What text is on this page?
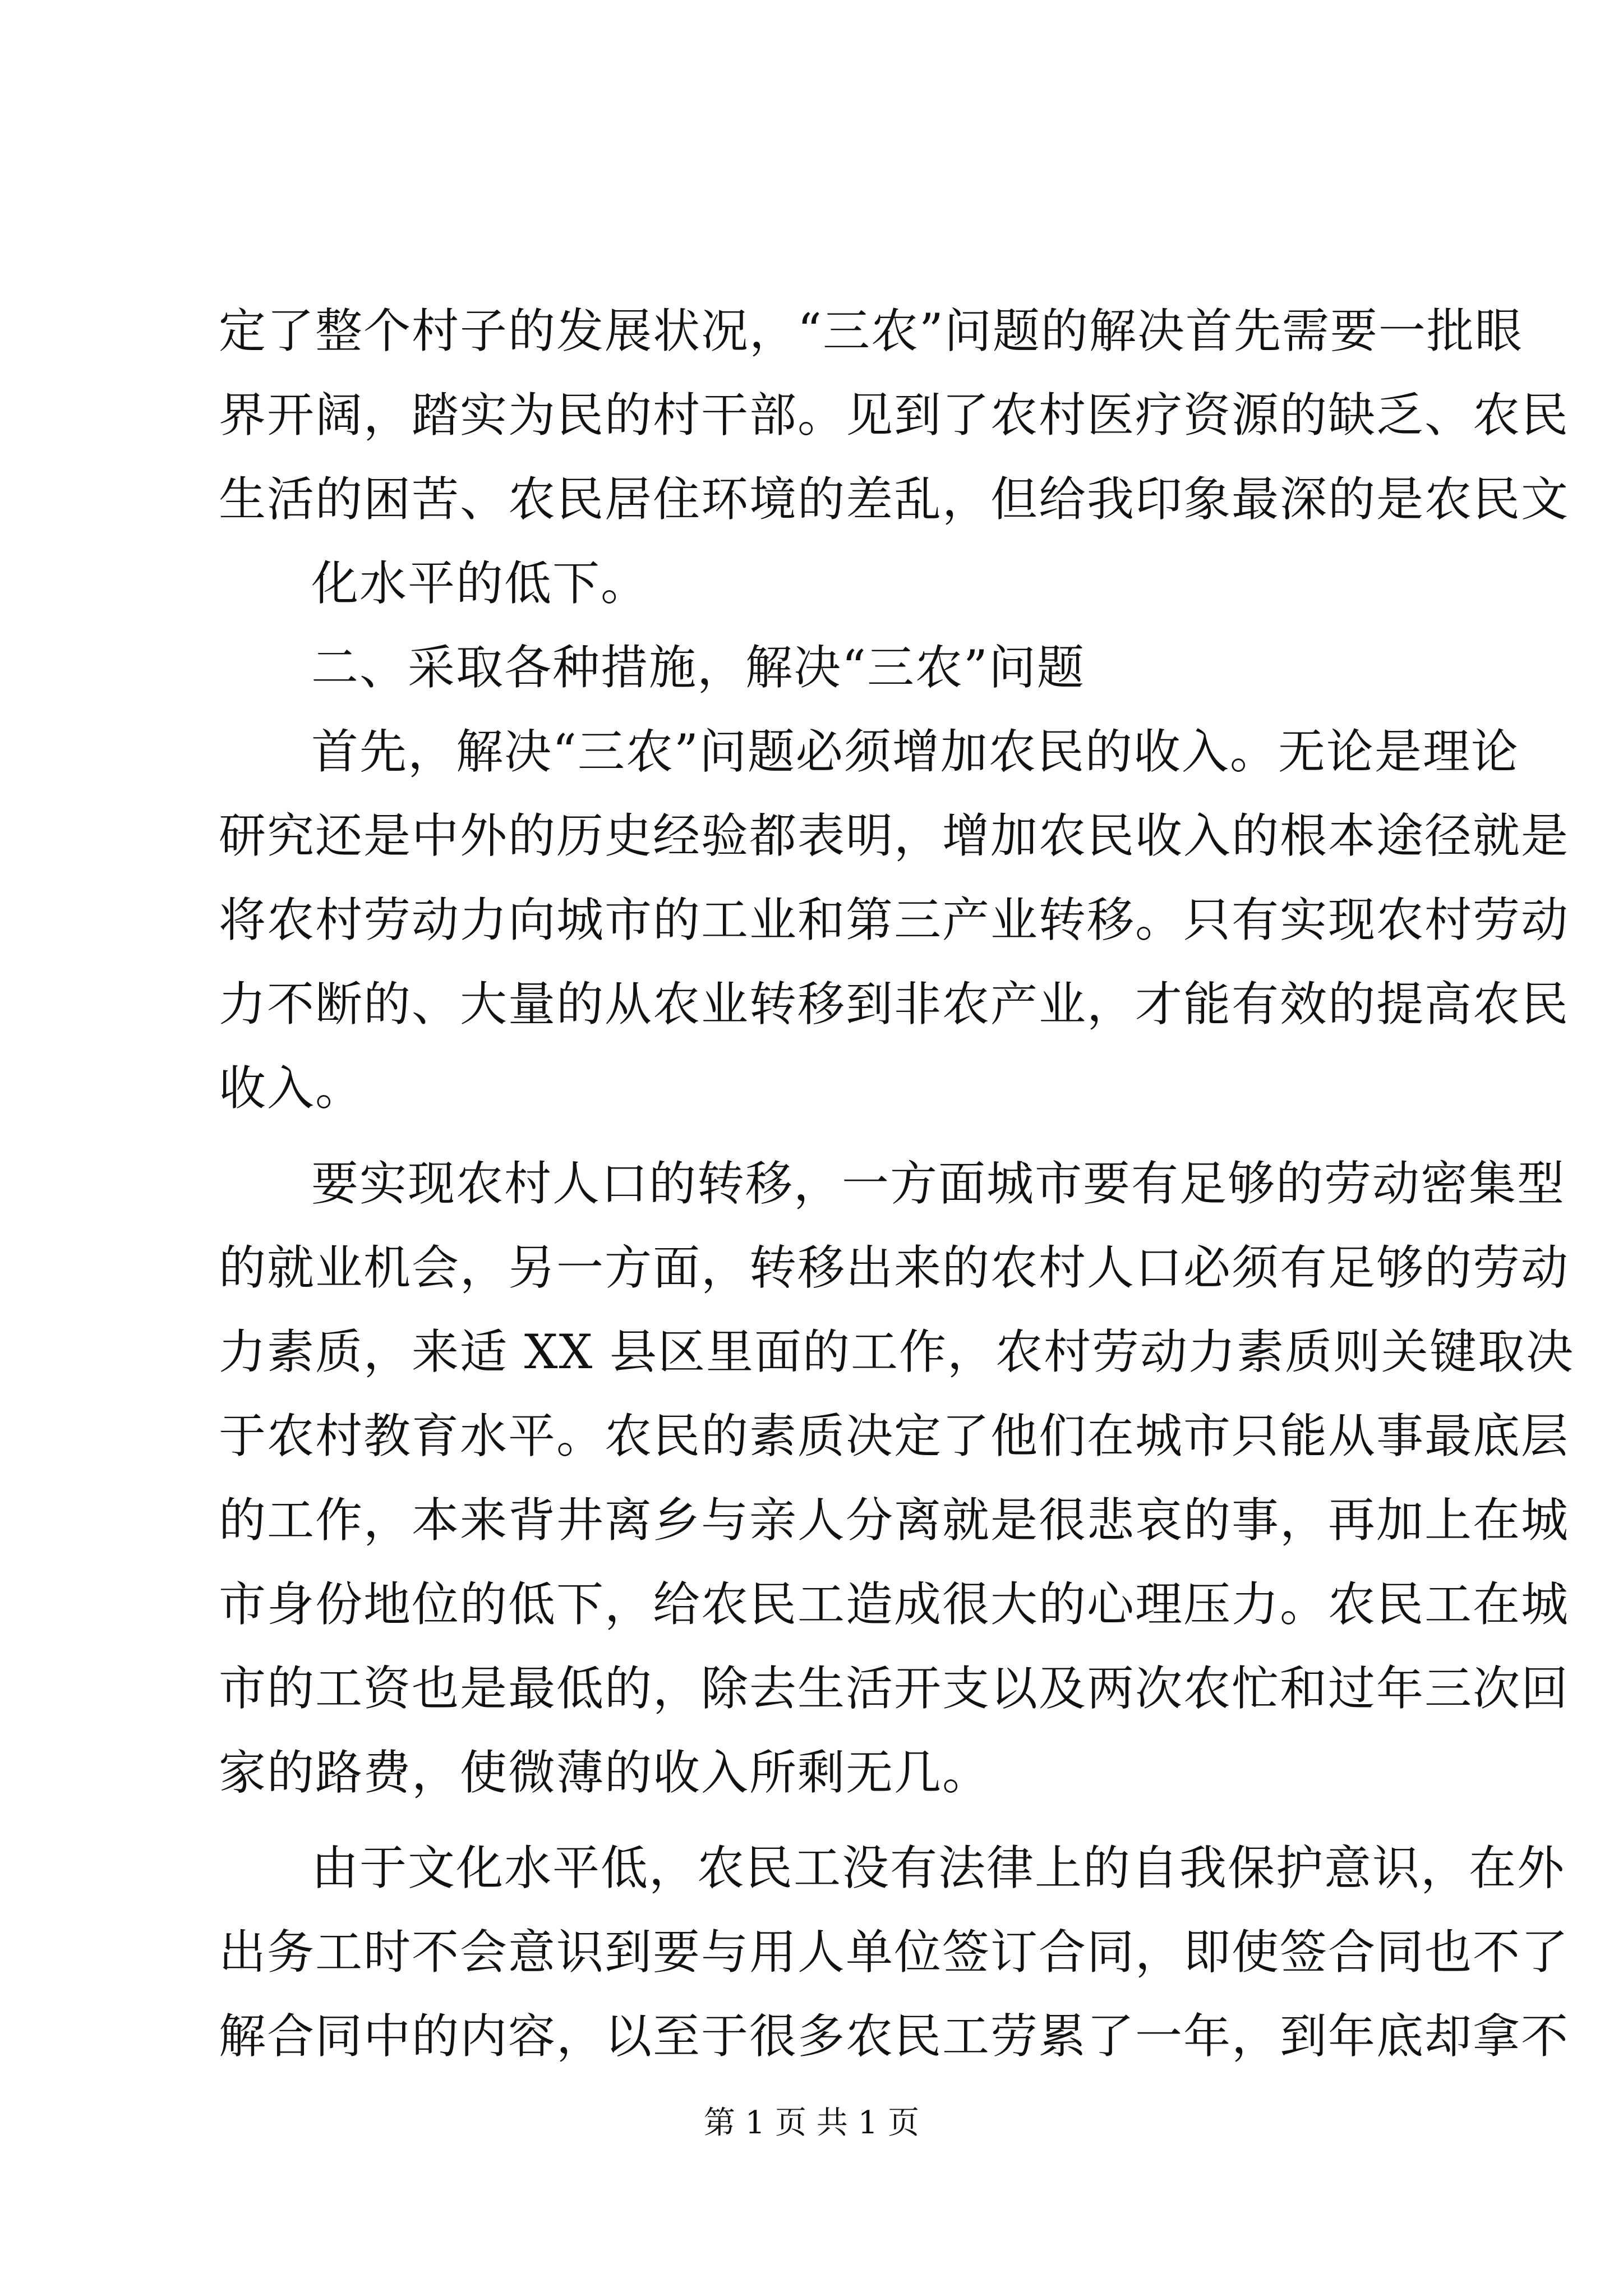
定了整个村子的发展状况，“三农”问题的解决首先需要一批眼
界开阔，踏实为民的村干部。见到了农村医疗资源的缺乏、农民
生活的困苦、农民居住环境的差乱，但给我印象最深的是农民文
化水平的低下。
二、采取各种措施，解决“三农”问题
首先，解决“三农”问题必须增加农民的收入。无论是理论
研究还是中外的历史经验都表明，增加农民收入的根本途径就是
将农村劳动力向城市的工业和第三产业转移。只有实现农村劳动
力不断的、大量的从农业转移到非农产业，才能有效的提高农民
收入。
要实现农村人口的转移，一方面城市要有足够的劳动密集型
的就业机会，另一方面，转移出来的农村人口必须有足够的劳动
力素质，来适 XX 县区里面的工作，农村劳动力素质则关键取决
于农村教育水平。农民的素质决定了他们在城市只能从事最底层
的工作，本来背井离乡与亲人分离就是很悲哀的事，再加上在城
市身份地位的低下，给农民工造成很大的心理压力。农民工在城
市的工资也是最低的，除去生活开支以及两次农忙和过年三次回
家的路费，使微薄的收入所剩无几。
由于文化水平低，农民工没有法律上的自我保护意识，在外
出务工时不会意识到要与用人单位签订合同，即使签合同也不了
解合同中的内容，以至于很多农民工劳累了一年，到年底却拿不
第 1 页 共 1 页
